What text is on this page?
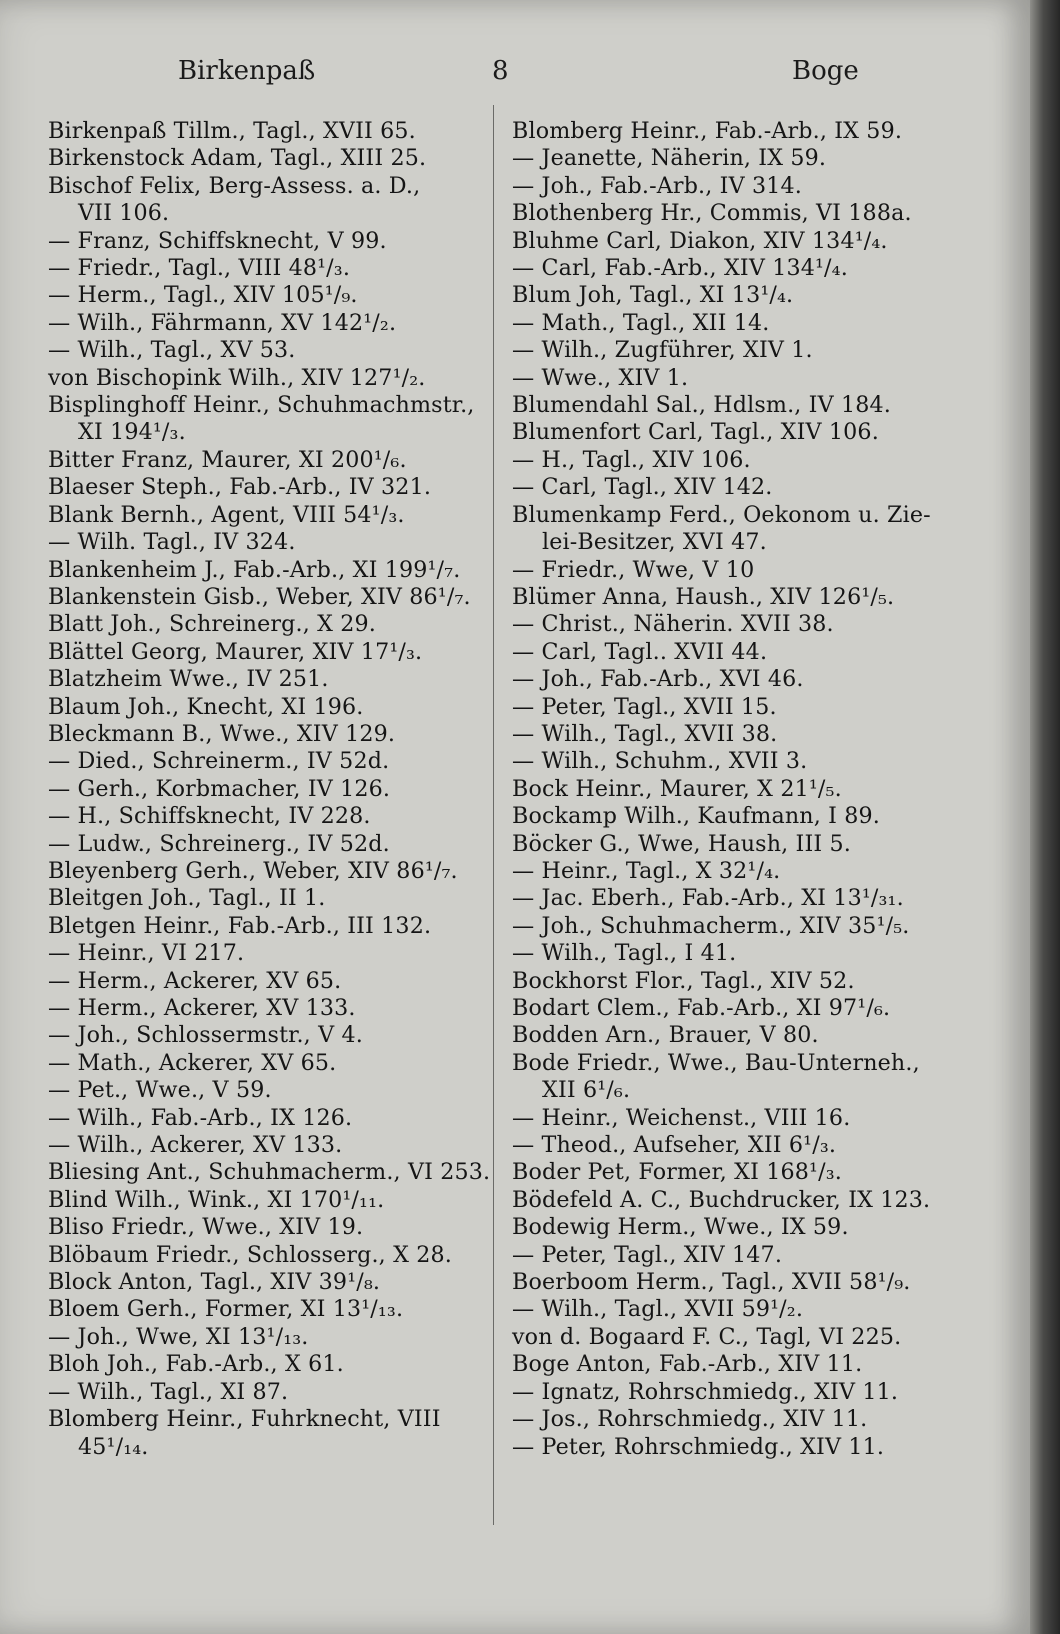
Birkenpaß	8	Boge
Birkenpaß Tillm., Tagl., XVII 65.
Birkenstock Adam, Tagl., XIII 25.
Bischof Felix, Berg-Assess. a. D.,
VII 106.
— Franz, Schiffsknecht, V 99.
— Friedr., Tagl., VIII 48¹/₃.
— Herm., Tagl., XIV 105¹/₉.
— Wilh., Fährmann, XV 142¹/₂.
— Wilh., Tagl., XV 53.
von Bischopink Wilh., XIV 127¹/₂.
Bisplinghoff Heinr., Schuhmachmstr.,
XI 194¹/₃.
Bitter Franz, Maurer, XI 200¹/₆.
Blaeser Steph., Fab.-Arb., IV 321.
Blank Bernh., Agent, VIII 54¹/₃.
— Wilh. Tagl., IV 324.
Blankenheim J., Fab.-Arb., XI 199¹/₇.
Blankenstein Gisb., Weber, XIV 86¹/₇.
Blatt Joh., Schreinerg., X 29.
Blättel Georg, Maurer, XIV 17¹/₃.
Blatzheim Wwe., IV 251.
Blaum Joh., Knecht, XI 196.
Bleckmann B., Wwe., XIV 129.
— Died., Schreinerm., IV 52d.
— Gerh., Korbmacher, IV 126.
— H., Schiffsknecht, IV 228.
— Ludw., Schreinerg., IV 52d.
Bleyenberg Gerh., Weber, XIV 86¹/₇.
Bleitgen Joh., Tagl., II 1.
Bletgen Heinr., Fab.-Arb., III 132.
— Heinr., VI 217.
— Herm., Ackerer, XV 65.
— Herm., Ackerer, XV 133.
— Joh., Schlossermstr., V 4.
— Math., Ackerer, XV 65.
— Pet., Wwe., V 59.
— Wilh., Fab.-Arb., IX 126.
— Wilh., Ackerer, XV 133.
Bliesing Ant., Schuhmacherm., VI 253.
Blind Wilh., Wink., XI 170¹/₁₁.
Bliso Friedr., Wwe., XIV 19.
Blöbaum Friedr., Schlosserg., X 28.
Block Anton, Tagl., XIV 39¹/₈.
Bloem Gerh., Former, XI 13¹/₁₃.
— Joh., Wwe, XI 13¹/₁₃.
Bloh Joh., Fab.-Arb., X 61.
— Wilh., Tagl., XI 87.
Blomberg Heinr., Fuhrknecht, VIII
45¹/₁₄.
Blomberg Heinr., Fab.-Arb., IX 59.
— Jeanette, Näherin, IX 59.
— Joh., Fab.-Arb., IV 314.
Blothenberg Hr., Commis, VI 188a.
Bluhme Carl, Diakon, XIV 134¹/₄.
— Carl, Fab.-Arb., XIV 134¹/₄.
Blum Joh, Tagl., XI 13¹/₄.
— Math., Tagl., XII 14.
— Wilh., Zugführer, XIV 1.
— Wwe., XIV 1.
Blumendahl Sal., Hdlsm., IV 184.
Blumenfort Carl, Tagl., XIV 106.
— H., Tagl., XIV 106.
— Carl, Tagl., XIV 142.
Blumenkamp Ferd., Oekonom u. Zie-
lei-Besitzer, XVI 47.
— Friedr., Wwe, V 10
Blümer Anna, Haush., XIV 126¹/₅.
— Christ., Näherin. XVII 38.
— Carl, Tagl.. XVII 44.
— Joh., Fab.-Arb., XVI 46.
— Peter, Tagl., XVII 15.
— Wilh., Tagl., XVII 38.
— Wilh., Schuhm., XVII 3.
Bock Heinr., Maurer, X 21¹/₅.
Bockamp Wilh., Kaufmann, I 89.
Böcker G., Wwe, Haush, III 5.
— Heinr., Tagl., X 32¹/₄.
— Jac. Eberh., Fab.-Arb., XI 13¹/₃₁.
— Joh., Schuhmacherm., XIV 35¹/₅.
— Wilh., Tagl., I 41.
Bockhorst Flor., Tagl., XIV 52.
Bodart Clem., Fab.-Arb., XI 97¹/₆.
Bodden Arn., Brauer, V 80.
Bode Friedr., Wwe., Bau-Unterneh.,
XII 6¹/₆.
— Heinr., Weichenst., VIII 16.
— Theod., Aufseher, XII 6¹/₃.
Boder Pet, Former, XI 168¹/₃.
Bödefeld A. C., Buchdrucker, IX 123.
Bodewig Herm., Wwe., IX 59.
— Peter, Tagl., XIV 147.
Boerboom Herm., Tagl., XVII 58¹/₉.
— Wilh., Tagl., XVII 59¹/₂.
von d. Bogaard F. C., Tagl, VI 225.
Boge Anton, Fab.-Arb., XIV 11.
— Ignatz, Rohrschmiedg., XIV 11.
— Jos., Rohrschmiedg., XIV 11.
— Peter, Rohrschmiedg., XIV 11.
